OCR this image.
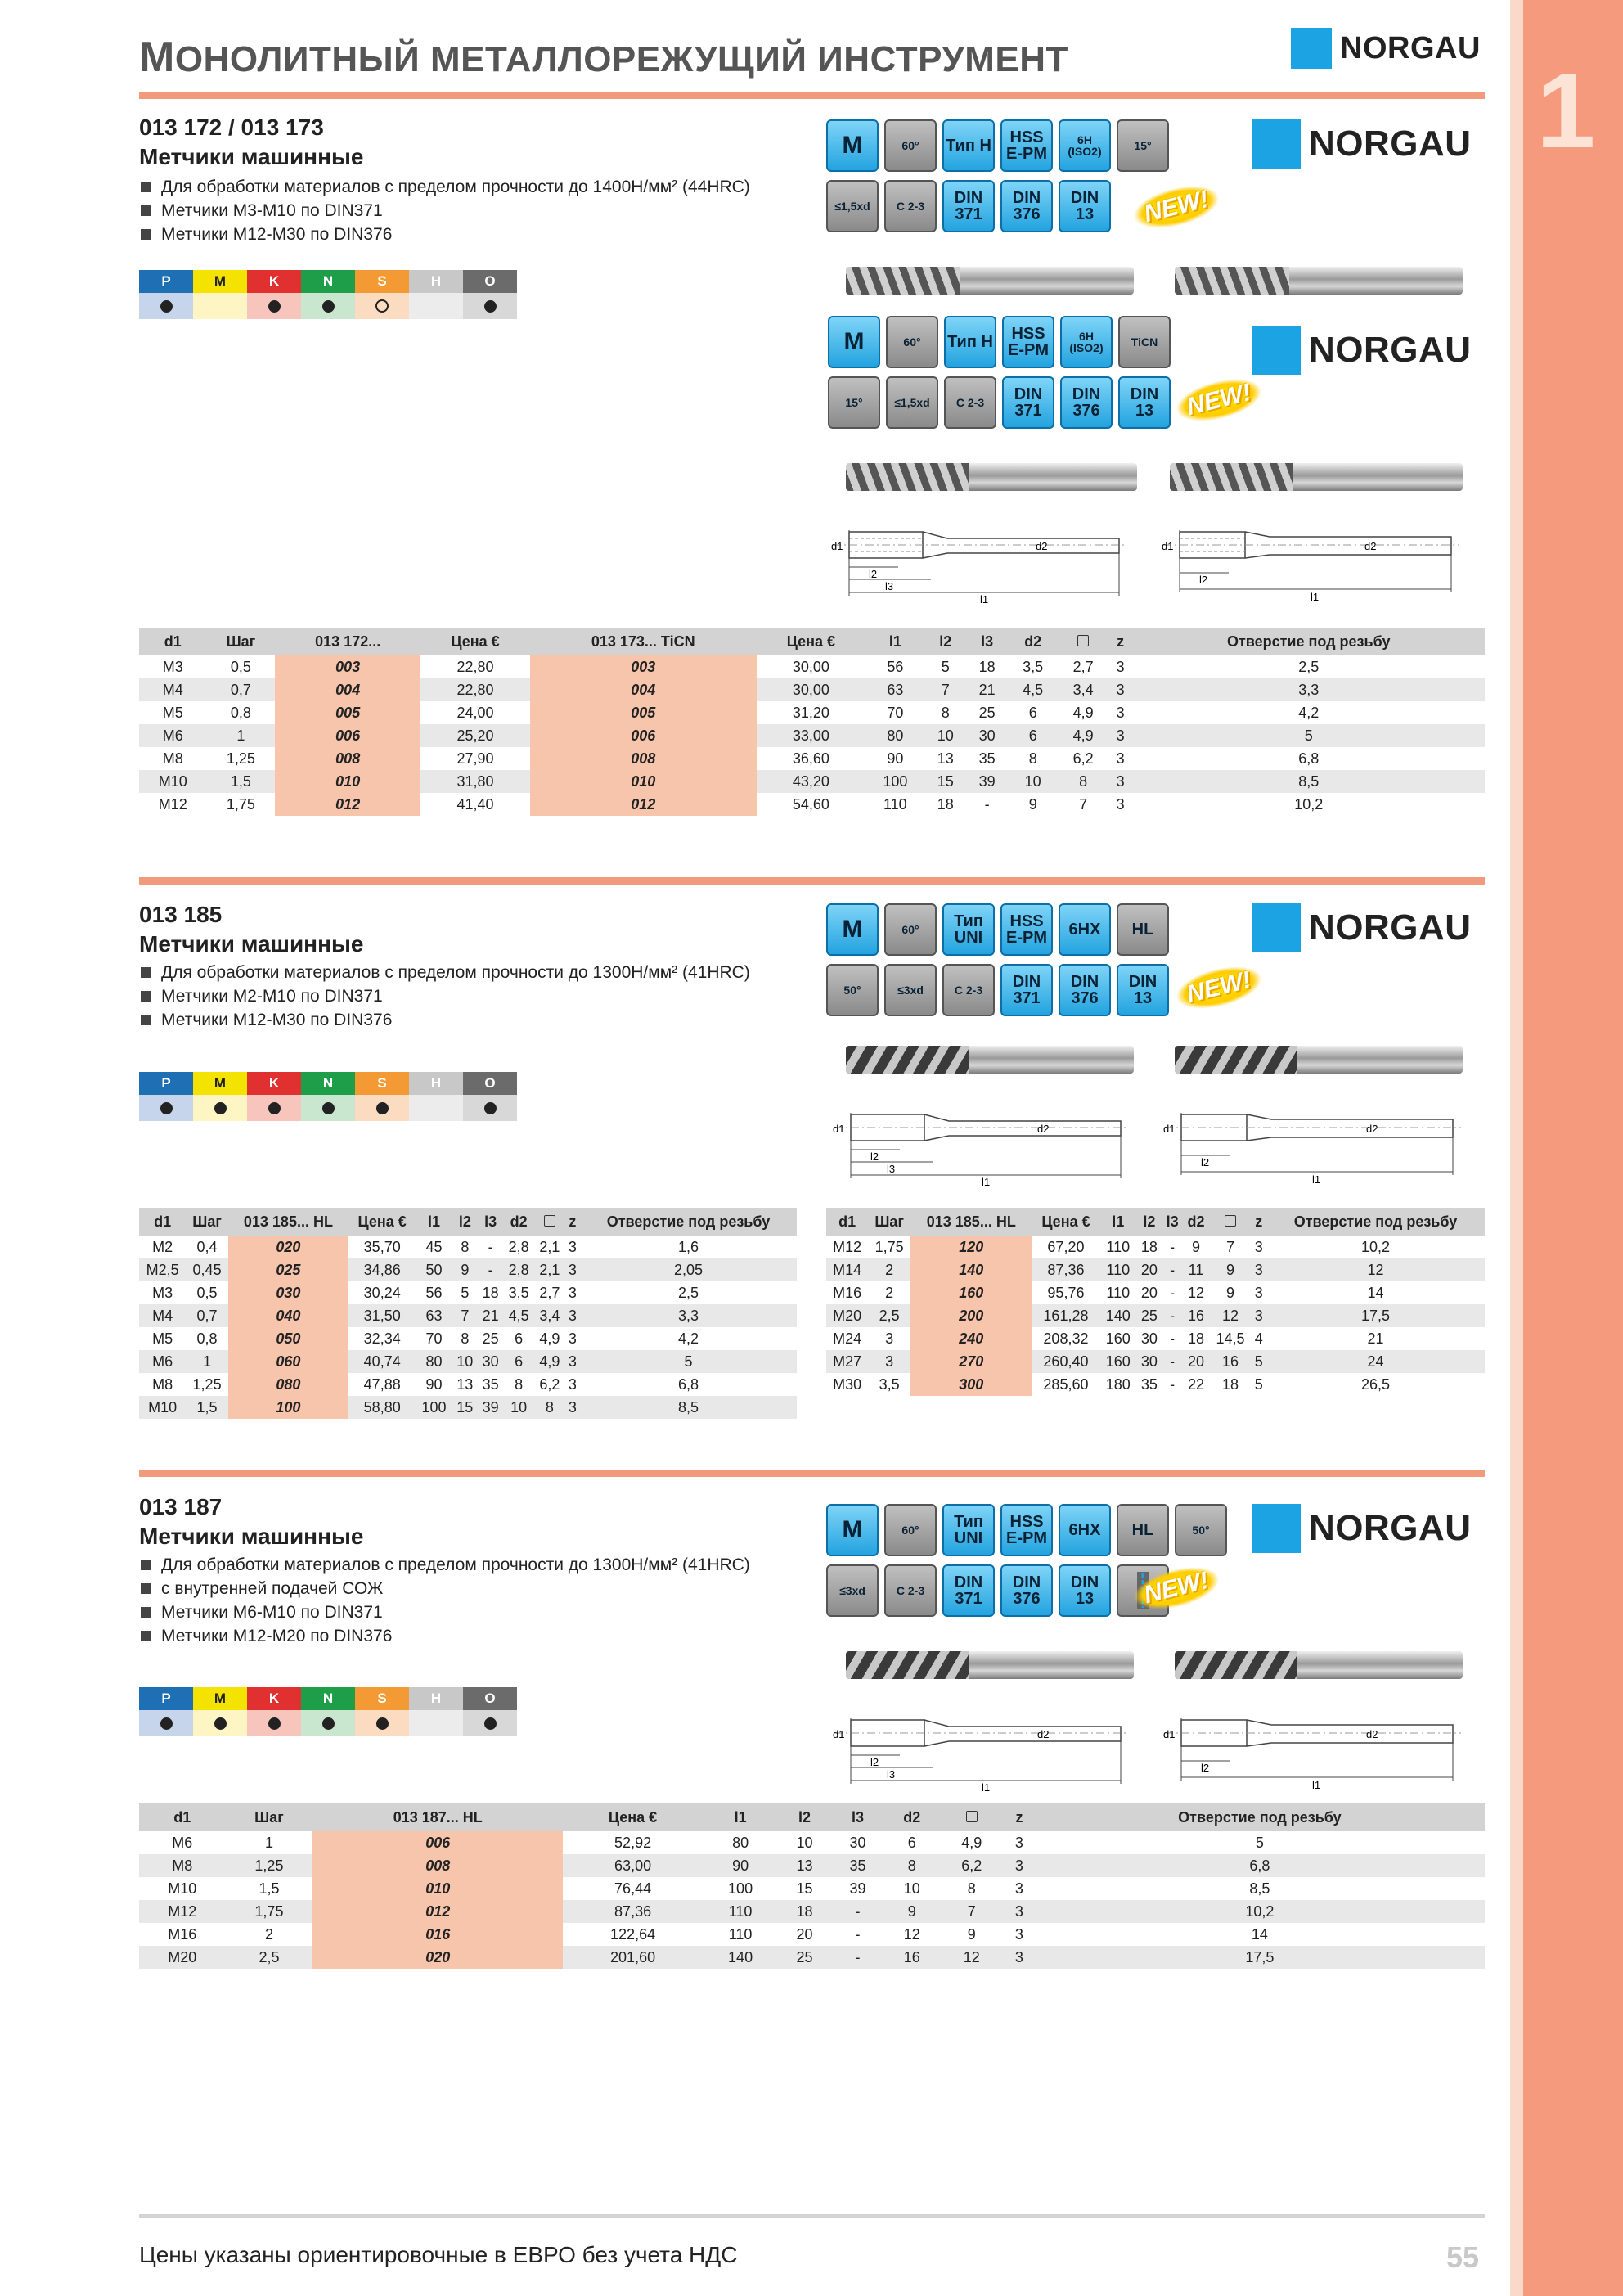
1
МОНОЛИТНЫЙ МЕТАЛЛОРЕЖУЩИЙ ИНСТРУМЕНТ	NORGAU
013 172 / 013 173
Метчики машинные
Для обработки материалов с пределом прочности до 1400Н/мм² (44HRC)
Метчики М3-М10 по DIN371
Метчики М12-М30 по DIN376
P	M	K	N	S	H	O
M	60° Тип H	HSS E-PM
6H (ISO2)	15°
≤1,5xd C 2-3	DIN 371
DIN 376
DIN 13	NEW!
NORGAU
M	60° Тип H	HSS E-PM
6H (ISO2)	TiCN
15°	≤1,5xd C 2-3	DIN 371
DIN 376
DIN 13	NEW!
NORGAU
d1	d2
l2
l3
l1
d1	d2
l2
l1
d1	Шаг	013 172...	Цена €	013 173... TiCN	Цена €	l1	l2	l3	d2		z	Отверстие под резьбу
M3	0,5	003	22,80	003	30,00	56	5	18	3,5	2,7	3	2,5
M4	0,7	004	22,80	004	30,00	63	7	21	4,5	3,4	3	3,3
M5	0,8	005	24,00	005	31,20	70	8	25	6	4,9	3	4,2
M6	1	006	25,20	006	33,00	80	10	30	6	4,9	3	5
M8	1,25	008	27,90	008	36,60	90	13	35	8	6,2	3	6,8
M10	1,5	010	31,80	010	43,20	100	15	39	10	8	3	8,5
M12	1,75	012	41,40	012	54,60	110	18	-	9	7	3	10,2
013 185
Метчики машинные
Для обработки материалов с пределом прочности до 1300Н/мм² (41HRC)
Метчики М2-М10 по DIN371
Метчики М12-М30 по DIN376
P	M	K	N	S	H	O
M	60°	Тип UNI
HSS E-PM 6HX HL
50°	≤3xd	C 2-3	DIN 371
DIN 376
DIN 13	NEW!
NORGAU
d1	d2
l2
l3
l1
d1	d2
l2
l1
d1	Шаг	013 185... HL	Цена €	l1	l2	l3	d2		z	Отверстие под резьбу
M2	0,4	020	35,70	45	8	-	2,8	2,1	3	1,6
M2,5	0,45	025	34,86	50	9	-	2,8	2,1	3	2,05
M3	0,5	030	30,24	56	5	18	3,5	2,7	3	2,5
M4	0,7	040	31,50	63	7	21	4,5	3,4	3	3,3
M5	0,8	050	32,34	70	8	25	6	4,9	3	4,2
M6	1	060	40,74	80	10	30	6	4,9	3	5
M8	1,25	080	47,88	90	13	35	8	6,2	3	6,8
M10	1,5	100	58,80	100	15	39	10	8	3	8,5
d1	Шаг	013 185... HL	Цена €	l1	l2	l3	d2		z	Отверстие под резьбу
M12	1,75	120	67,20	110	18	-	9	7	3	10,2
M14	2	140	87,36	110	20	-	11	9	3	12
M16	2	160	95,76	110	20	-	12	9	3	14
M20	2,5	200	161,28	140	25	-	16	12	3	17,5
M24	3	240	208,32	160	30	-	18	14,5	4	21
M27	3	270	260,40	160	30	-	20	16	5	24
M30	3,5	300	285,60	180	35	-	22	18	5	26,5
013 187
Метчики машинные
Для обработки материалов с пределом прочности до 1300Н/мм² (41HRC)
с внутренней подачей СОЖ
Метчики М6-М10 по DIN371
Метчики М12-М20 по DIN376
P	M	K	N	S	H	O
M	60°	Тип UNI
HSS E-PM 6HX HL	50°
≤3xd	C 2-3	DIN 371
DIN 376
DIN 13	NEW!
NORGAU
d1	d2
l2
l3
l1
d1	d2
l2
l1
d1	Шаг	013 187... HL	Цена €	l1	l2	l3	d2		z	Отверстие под резьбу
M6	1	006	52,92	80	10	30	6	4,9	3	5
M8	1,25	008	63,00	90	13	35	8	6,2	3	6,8
M10	1,5	010	76,44	100	15	39	10	8	3	8,5
M12	1,75	012	87,36	110	18	-	9	7	3	10,2
M16	2	016	122,64	110	20	-	12	9	3	14
M20	2,5	020	201,60	140	25	-	16	12	3	17,5
Цены указаны ориентировочные в ЕВРО без учета НДС	55
